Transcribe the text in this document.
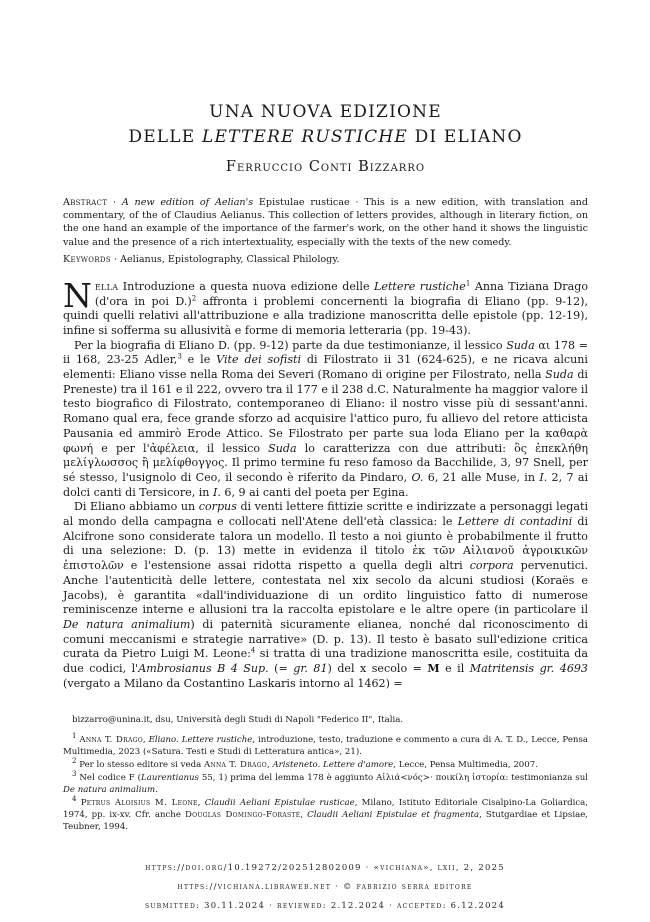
UNA NUOVA EDIZIONE
DELLE LETTERE RUSTICHE DI ELIANO
Ferruccio Conti Bizzarro
Abstract · A new edition of Aelian's Epistulae rusticae · This is a new edition, with translation and commentary, of the of Claudius Aelianus. This collection of letters provides, although in literary fiction, on the one hand an example of the importance of the farmer's work, on the other hand it shows the linguistic value and the presence of a rich intertextuality, especially with the texts of the new comedy.
Keywords · Aelianus, Epistolography, Classical Philology.

Nella Introduzione a questa nuova edizione delle Lettere rustiche$^1$ Anna Tiziana Drago (d'ora in poi D.)$^2$ affronta i problemi concernenti la biografia di Eliano (pp. 9-12), quindi quelli relativi all'attribuzione e alla tradizione manoscritta delle epistole (pp. 12-19), infine si sofferma su allusività e forme di memoria letteraria (pp. 19-43).

Per la biografia di Eliano D. (pp. 9-12) parte da due testimonianze, il lessico Suda αι 178 = ii 168, 23-25 Adler,$^3$ e le Vite dei sofisti di Filostrato ii 31 (624-625), e ne ricava alcuni elementi: Eliano visse nella Roma dei Severi (Romano di origine per Filostrato, nella Suda di Preneste) tra il 161 e il 222, ovvero tra il 177 e il 238 d.C. Naturalmente ha maggior valore il testo biografico di Filostrato, contemporaneo di Eliano: il nostro visse più di sessant'anni. Romano qual era, fece grande sforzo ad acquisire l'attico puro, fu allievo del retore atticista Pausania ed ammirò Erode Attico. Se Filostrato per parte sua loda Eliano per la καθαρὰ φωνή e per l'ἀφέλεια, il lessico Suda lo caratterizza con due attributi: ὃς ἐπεκλήθη μελίγλωσσος ἢ μελίφθογγος. Il primo termine fu reso famoso da Bacchilide, 3, 97 Snell, per sé stesso, l'usignolo di Ceo, il secondo è riferito da Pindaro, O. 6, 21 alle Muse, in I. 2, 7 ai dolci canti di Tersicore, in I. 6, 9 ai canti del poeta per Egina.

Di Eliano abbiamo un corpus di venti lettere fittizie scritte e indirizzate a personaggi legati al mondo della campagna e collocati nell'Atene dell'età classica: le Lettere di contadini di Alcifrone sono considerate talora un modello. Il testo a noi giunto è probabilmente il frutto di una selezione: D. (p. 13) mette in evidenza il titolo ἐκ τῶν Αἰλιανοῦ ἀγροικικῶν ἐπιστολῶν e l'estensione assai ridotta rispetto a quella degli altri corpora pervenutici. Anche l'autenticità delle lettere, contestata nel xix secolo da alcuni studiosi (Koraës e Jacobs), è garantita «dall'individuazione di un ordito linguistico fatto di numerose reminiscenze interne e allusioni tra la raccolta epistolare e le altre opere (in particolare il De natura animalium) di paternità sicuramente elianea, nonché dal riconoscimento di comuni meccanismi e strategie narrative» (D. p. 13). Il testo è basato sull'edizione critica curata da Pietro Luigi M. Leone:$^4$ si tratta di una tradizione manoscritta esile, costituita da due codici, l'Ambrosianus B 4 Sup. (= gr. 81) del x secolo = M e il Matritensis gr. 4693 (vergato a Milano da Costantino Laskaris intorno al 1462) =

bizzarro@unina.it, dsu, Università degli Studi di Napoli "Federico II", Italia.

$^1$ Anna T. Drago, Eliano. Lettere rustiche, introduzione, testo, traduzione e commento a cura di A. T. D., Lecce, Pensa Multimedia, 2023 («Satura. Testi e Studi di Letteratura antica», 21).

$^2$ Per lo stesso editore si veda Anna T. Drago, Aristeneto. Lettere d'amore, Lecce, Pensa Multimedia, 2007.

$^3$ Nel codice F (Laurentianus 55, 1) prima del lemma 178 è aggiunto Αἰλιά<νός>· ποικίλη ἱστορία: testimonianza sul De natura animalium.

$^4$ Petrus Aloisius M. Leone, Claudii Aeliani Epistulae rusticae, Milano, Istituto Editoriale Cisalpino-La Goliardica, 1974, pp. ix-xv. Cfr. anche Douglas Domingo-Forasté, Claudii Aeliani Epistulae et fragmenta, Stutgardiae et Lipsiae, Teubner, 1994.

https://doi.org/10.19272/202512802009 · «vichiana», lxii, 2, 2025
https://vichiana.libraweb.net · © fabrizio serra editore
submitted: 30.11.2024 · reviewed: 2.12.2024 · accepted: 6.12.2024
